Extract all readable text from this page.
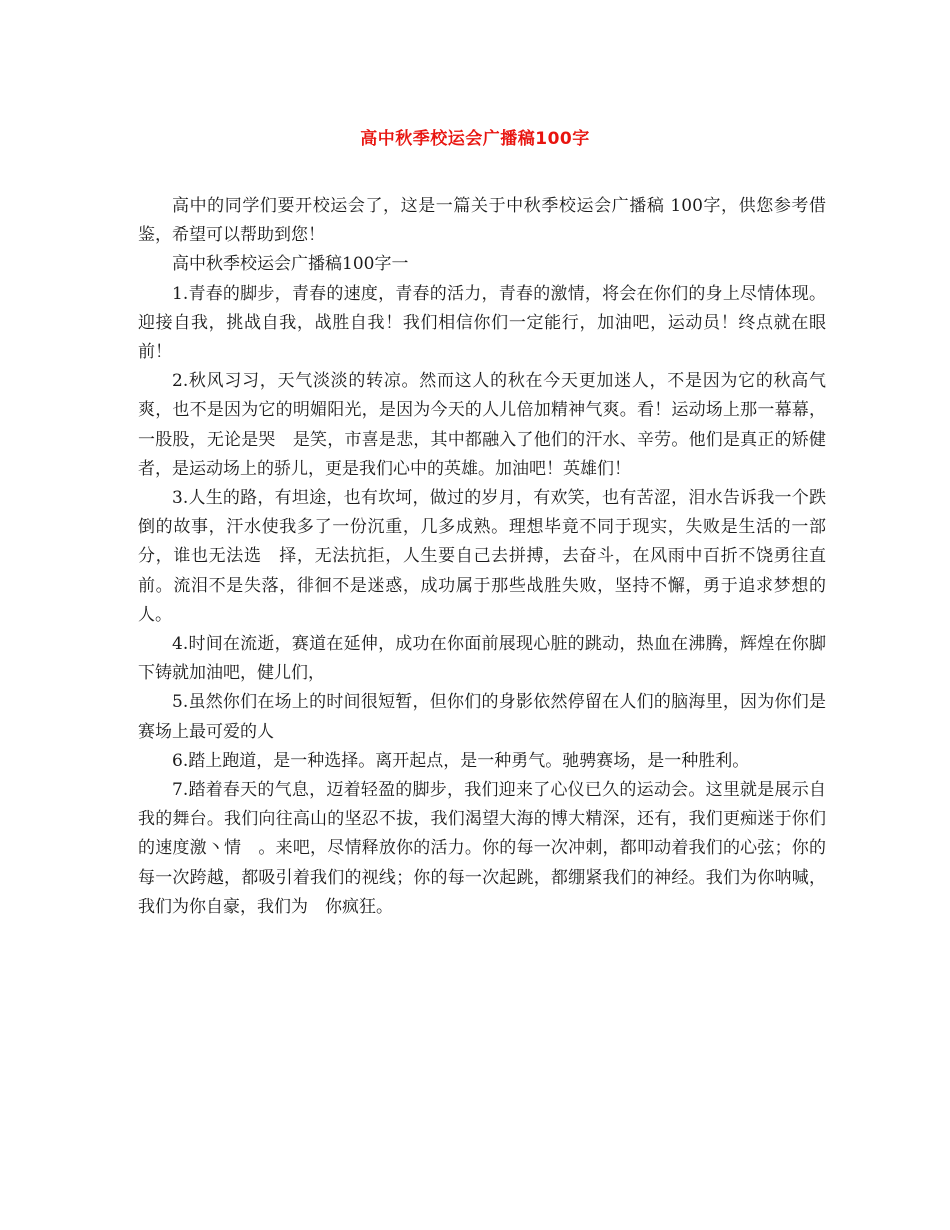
高中秋季校运会广播稿100字

高中的同学们要开校运会了，这是一篇关于中秋季校运会广播稿 100字，供您参考借鉴，希望可以帮助到您！

高中秋季校运会广播稿100字一

1.青春的脚步，青春的速度，青春的活力，青春的激情，将会在你们的身上尽情体现。迎接自我，挑战自我，战胜自我！我们相信你们一定能行，加油吧，运动员！终点就在眼前！

2.秋风习习，天气淡淡的转凉。然而这人的秋在今天更加迷人，不是因为它的秋高气爽，也不是因为它的明媚阳光，是因为今天的人儿倍加精神气爽。看！运动场上那一幕幕，一股股，无论是哭　是笑，市喜是悲，其中都融入了他们的汗水、辛劳。他们是真正的矫健者，是运动场上的骄儿，更是我们心中的英雄。加油吧！英雄们！

3.人生的路，有坦途，也有坎坷，做过的岁月，有欢笑，也有苦涩，泪水告诉我一个跌倒的故事，汗水使我多了一份沉重，几多成熟。理想毕竟不同于现实，失败是生活的一部分，谁也无法选　择，无法抗拒，人生要自己去拼搏，去奋斗，在风雨中百折不饶勇往直前。流泪不是失落，徘徊不是迷惑，成功属于那些战胜失败，坚持不懈，勇于追求梦想的人。

4.时间在流逝，赛道在延伸，成功在你面前展现心脏的跳动，热血在沸腾，辉煌在你脚下铸就加油吧，健儿们，

5.虽然你们在场上的时间很短暂，但你们的身影依然停留在人们的脑海里，因为你们是赛场上最可爱的人

6.踏上跑道，是一种选择。离开起点，是一种勇气。驰骋赛场，是一种胜利。

7.踏着春天的气息，迈着轻盈的脚步，我们迎来了心仪已久的运动会。这里就是展示自我的舞台。我们向往高山的坚忍不拔，我们渴望大海的博大精深，还有，我们更痴迷于你们的速度激丶情　。来吧，尽情释放你的活力。你的每一次冲刺，都叩动着我们的心弦；你的每一次跨越，都吸引着我们的视线；你的每一次起跳，都绷紧我们的神经。我们为你呐喊，我们为你自豪，我们为　你疯狂。
